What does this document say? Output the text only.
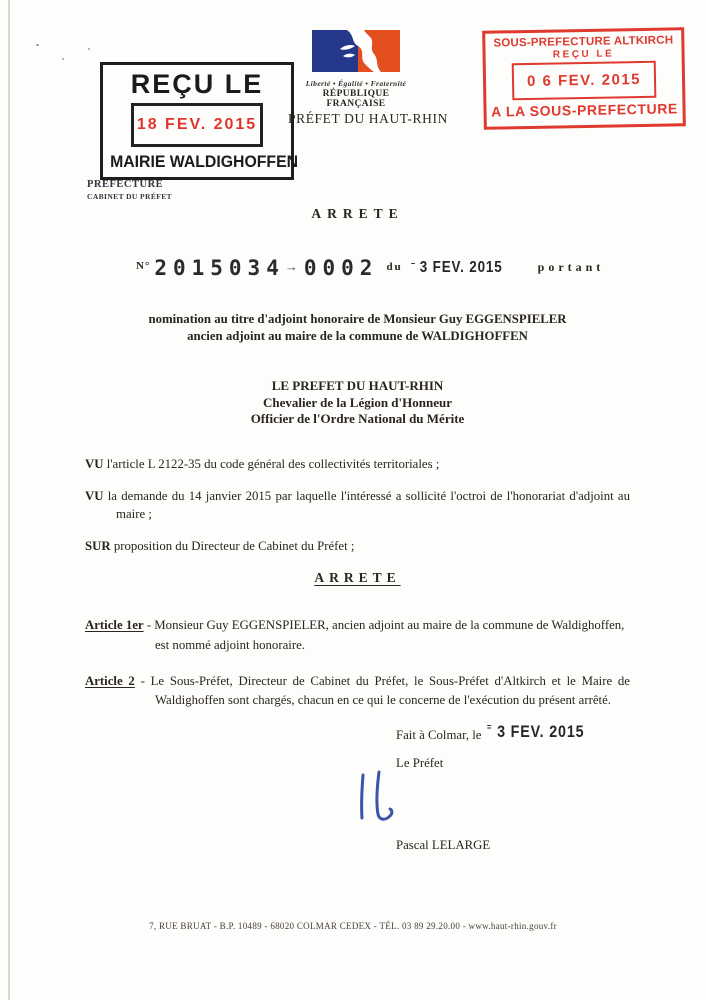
REÇU LE
18 FEV. 2015
MAIRIE WALDIGHOFFEN
Liberté • Égalité • Fraternité
RÉPUBLIQUE FRANÇAISE
PRÉFET DU HAUT-RHIN
SOUS-PREFECTURE ALTKIRCH
REÇU LE
0 6 FEV. 2015
A LA SOUS-PREFECTURE
PRÉFECTURE
CABINET DU PRÉFET
ARRETE
$^{N^\circ}$ 2015034→ 0002 $^{du}$ – 3 FEV. 2015	$^{portant}$
nomination au titre d'adjoint honoraire de Monsieur Guy EGGENSPIELER
ancien adjoint au maire de la commune de WALDIGHOFFEN
LE PREFET DU HAUT-RHIN
Chevalier de la Légion d'Honneur
Officier de l'Ordre National du Mérite
VU l'article L 2122-35 du code général des collectivités territoriales ;
VU la demande du 14 janvier 2015 par laquelle l'intéressé a sollicité l'octroi de l'honorariat d'adjoint au maire ;
SUR proposition du Directeur de Cabinet du Préfet ;
ARRETE
Article 1er - Monsieur Guy EGGENSPIELER, ancien adjoint au maire de la commune de Waldighoffen, est nommé adjoint honoraire.
Article 2 - Le Sous-Préfet, Directeur de Cabinet du Préfet, le Sous-Préfet d'Altkirch et le Maire de Waldighoffen sont chargés, chacun en ce qui le concerne de l'exécution du présent arrêté.
Fait à Colmar, le
= 3 FEV. 2015
Le Préfet
Pascal LELARGE
7, RUE BRUAT - B.P. 10489 - 68020 COLMAR CEDEX - TÉL. 03 89 29.20.00 - www.haut-rhin.gouv.fr
